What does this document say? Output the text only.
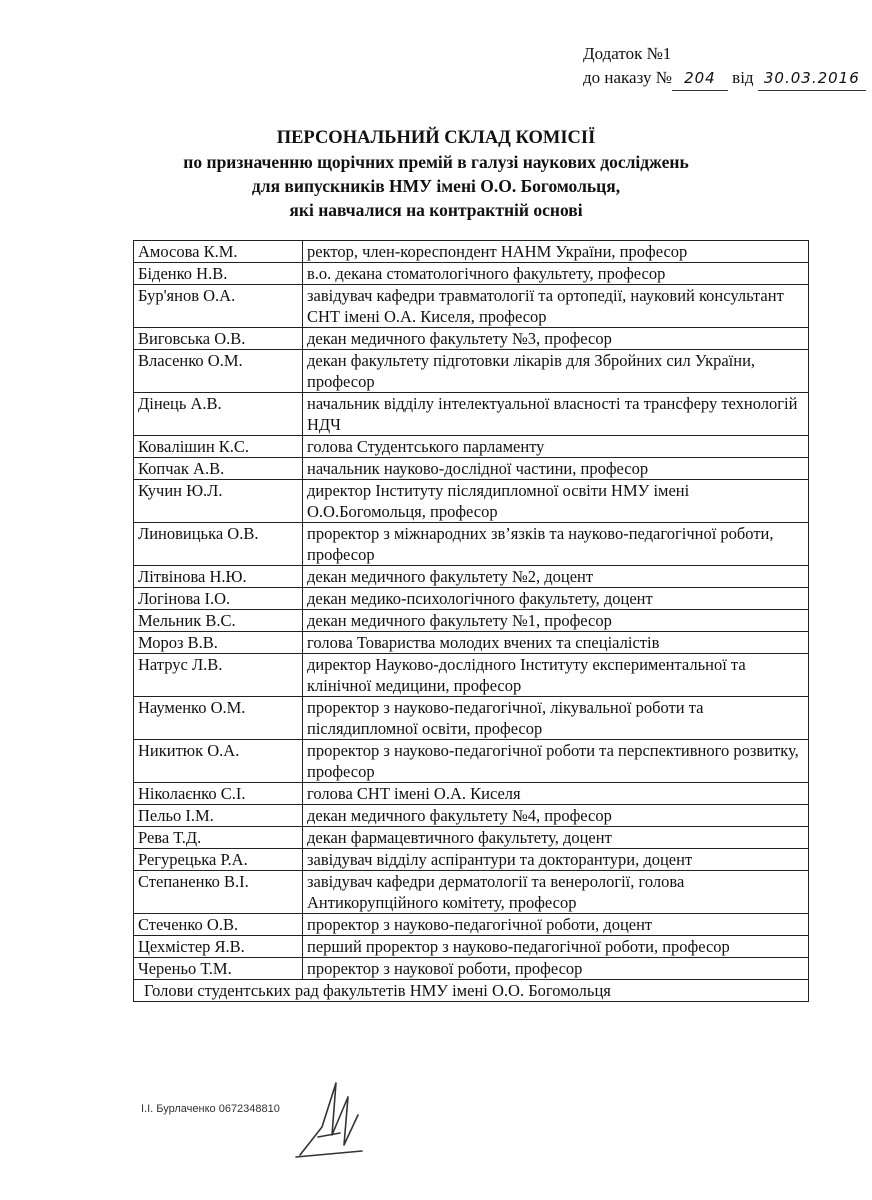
Додаток №1
до наказу № 204 від 30.03.2016
ПЕРСОНАЛЬНИЙ СКЛАД КОМІСІЇ
по призначенню щорічних премій в галузі наукових досліджень
для випускників НМУ імені О.О. Богомольця,
які навчалися на контрактній основі
Амосова К.М.	ректор, член-кореспондент НАНМ України, професор
Біденко Н.В.	в.о. декана стоматологічного факультету, професор
Бур'янов О.А.	завідувач кафедри травматології та ортопедії, науковий консультант СНТ імені О.А. Киселя, професор
Виговська О.В.	декан медичного факультету №3, професор
Власенко О.М.	декан факультету підготовки лікарів для Збройних сил України, професор
Дінець А.В.	начальник відділу інтелектуальної власності та трансферу технологій НДЧ
Ковалішин К.С.	голова Студентського парламенту
Копчак А.В.	начальник науково-дослідної частини, професор
Кучин Ю.Л.	директор Інституту післядипломної освіти НМУ імені О.О.Богомольця, професор
Линовицька О.В.	проректор з міжнародних зв’язків та науково-педагогічної роботи, професор
Літвінова Н.Ю.	декан медичного факультету №2, доцент
Логінова І.О.	декан медико-психологічного факультету, доцент
Мельник В.С.	декан медичного факультету №1, професор
Мороз В.В.	голова Товариства молодих вчених та спеціалістів
Натрус Л.В.	директор Науково-дослідного Інституту експериментальної та клінічної медицини, професор
Науменко О.М.	проректор з науково-педагогічної, лікувальної роботи та післядипломної освіти, професор
Никитюк О.А.	проректор з науково-педагогічної роботи та перспективного розвитку, професор
Ніколаєнко С.І.	голова СНТ імені О.А. Киселя
Пельо І.М.	декан медичного факультету №4, професор
Рева Т.Д.	декан фармацевтичного факультету, доцент
Регурецька Р.А.	завідувач відділу аспірантури та докторантури, доцент
Степаненко В.І.	завідувач кафедри дерматології та венерології, голова Антикорупційного комітету, професор
Стеченко О.В.	проректор з науково-педагогічної роботи, доцент
Цехмістер Я.В.	перший проректор з науково-педагогічної роботи, професор
Череньо Т.М.	проректор з наукової роботи, професор
Голови студентських рад факультетів НМУ імені О.О. Богомольця	
І.І. Бурлаченко 0672348810
